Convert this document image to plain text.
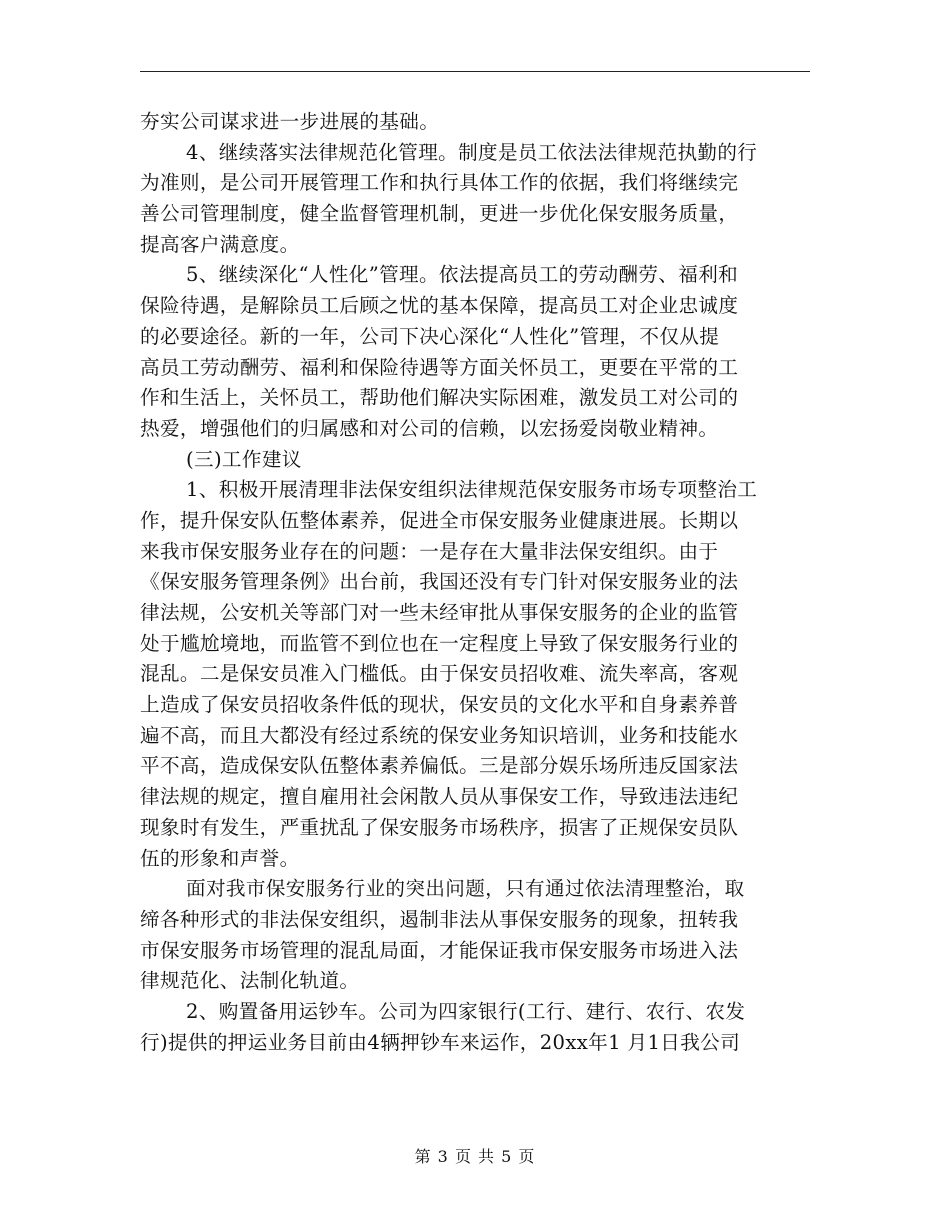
夯实公司谋求进一步进展的基础。
4、继续落实法律规范化管理。制度是员工依法法律规范执勤的行
为准则，是公司开展管理工作和执行具体工作的依据，我们将继续完
善公司管理制度，健全监督管理机制，更进一步优化保安服务质量，
提高客户满意度。
5、继续深化“人性化”管理。依法提高员工的劳动酬劳、福利和
保险待遇，是解除员工后顾之忧的基本保障，提高员工对企业忠诚度
的必要途径。新的一年，公司下决心深化“人性化”管理，不仅从提
高员工劳动酬劳、福利和保险待遇等方面关怀员工，更要在平常的工
作和生活上，关怀员工，帮助他们解决实际困难，激发员工对公司的
热爱，增强他们的归属感和对公司的信赖，以宏扬爱岗敬业精神。
(三)工作建议
1、积极开展清理非法保安组织法律规范保安服务市场专项整治工
作，提升保安队伍整体素养，促进全市保安服务业健康进展。长期以
来我市保安服务业存在的问题：一是存在大量非法保安组织。由于
《保安服务管理条例》出台前，我国还没有专门针对保安服务业的法
律法规，公安机关等部门对一些未经审批从事保安服务的企业的监管
处于尴尬境地，而监管不到位也在一定程度上导致了保安服务行业的
混乱。二是保安员准入门槛低。由于保安员招收难、流失率高，客观
上造成了保安员招收条件低的现状，保安员的文化水平和自身素养普
遍不高，而且大都没有经过系统的保安业务知识培训，业务和技能水
平不高，造成保安队伍整体素养偏低。三是部分娱乐场所违反国家法
律法规的规定，擅自雇用社会闲散人员从事保安工作，导致违法违纪
现象时有发生，严重扰乱了保安服务市场秩序，损害了正规保安员队
伍的形象和声誉。
面对我市保安服务行业的突出问题，只有通过依法清理整治，取
缔各种形式的非法保安组织，遏制非法从事保安服务的现象，扭转我
市保安服务市场管理的混乱局面，才能保证我市保安服务市场进入法
律规范化、法制化轨道。
2、购置备用运钞车。公司为四家银行(工行、建行、农行、农发
行)提供的押运业务目前由4辆押钞车来运作，20xx年1 月1日我公司
第 3 页 共 5 页
